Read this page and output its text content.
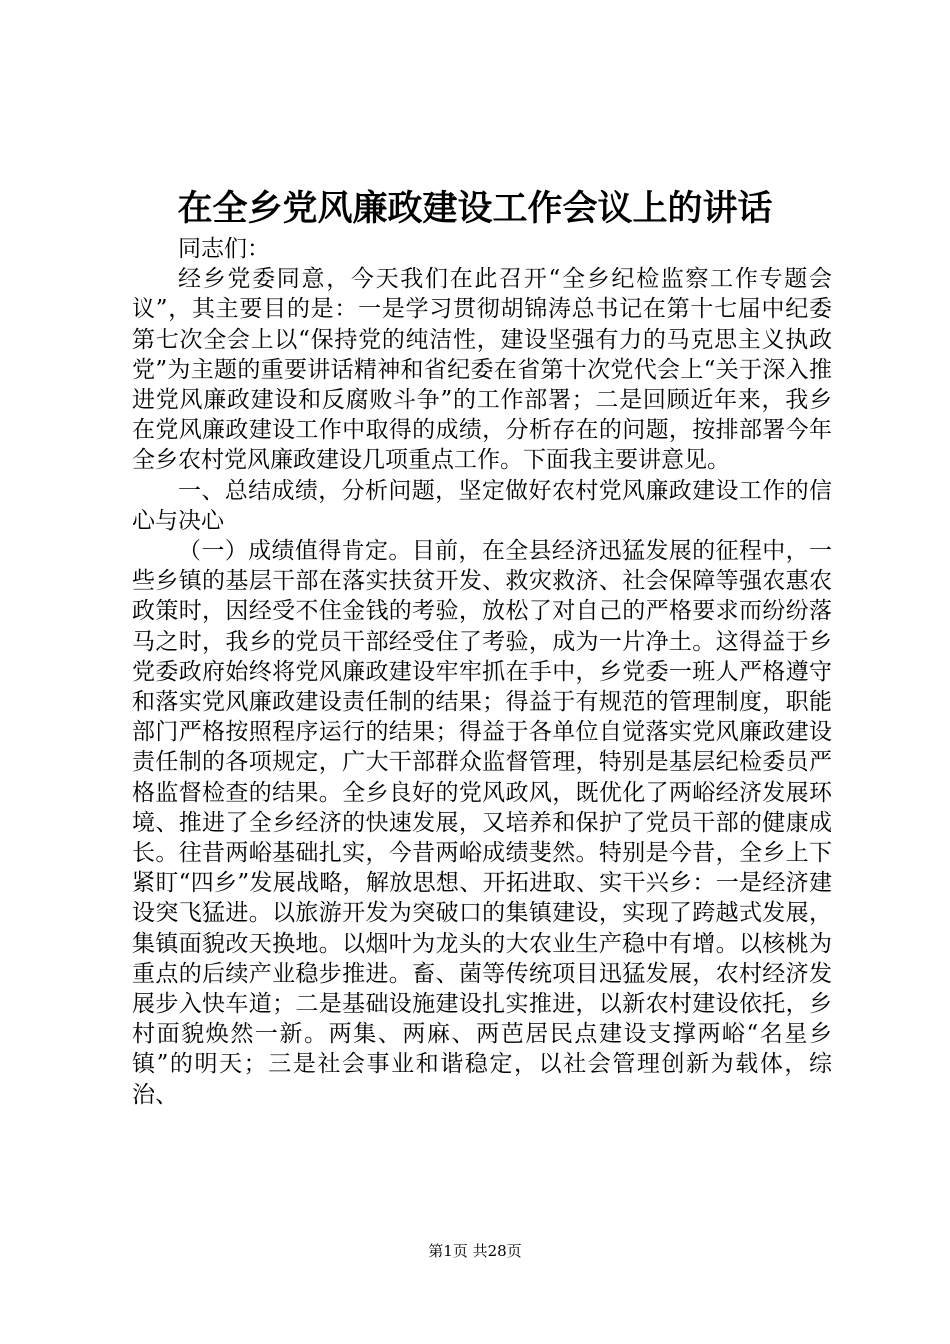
在全乡党风廉政建设工作会议上的讲话

同志们：

经乡党委同意，今天我们在此召开“全乡纪检监察工作专题会议”，其主要目的是：一是学习贯彻胡锦涛总书记在第十七届中纪委第七次全会上以“保持党的纯洁性，建设坚强有力的马克思主义执政党”为主题的重要讲话精神和省纪委在省第十次党代会上“关于深入推进党风廉政建设和反腐败斗争”的工作部署；二是回顾近年来，我乡在党风廉政建设工作中取得的成绩，分析存在的问题，按排部署今年全乡农村党风廉政建设几项重点工作。下面我主要讲意见。

一、总结成绩，分析问题，坚定做好农村党风廉政建设工作的信心与决心

（一）成绩值得肯定。目前，在全县经济迅猛发展的征程中，一些乡镇的基层干部在落实扶贫开发、救灾救济、社会保障等强农惠农政策时，因经受不住金钱的考验，放松了对自己的严格要求而纷纷落马之时，我乡的党员干部经受住了考验，成为一片净土。这得益于乡党委政府始终将党风廉政建设牢牢抓在手中，乡党委一班人严格遵守和落实党风廉政建设责任制的结果；得益于有规范的管理制度，职能部门严格按照程序运行的结果；得益于各单位自觉落实党风廉政建设责任制的各项规定，广大干部群众监督管理，特别是基层纪检委员严格监督检查的结果。全乡良好的党风政风，既优化了两峪经济发展环境、推进了全乡经济的快速发展，又培养和保护了党员干部的健康成长。往昔两峪基础扎实，今昔两峪成绩斐然。特别是今昔，全乡上下紧盯“四乡”发展战略，解放思想、开拓进取、实干兴乡：一是经济建设突飞猛进。以旅游开发为突破口的集镇建设，实现了跨越式发展，集镇面貌改天换地。以烟叶为龙头的大农业生产稳中有增。以核桃为重点的后续产业稳步推进。畜、菌等传统项目迅猛发展，农村经济发展步入快车道；二是基础设施建设扎实推进，以新农村建设依托，乡村面貌焕然一新。两集、两麻、两芭居民点建设支撑两峪“名星乡镇”的明天；三是社会事业和谐稳定，以社会管理创新为载体，综治、

第1页 共28页
